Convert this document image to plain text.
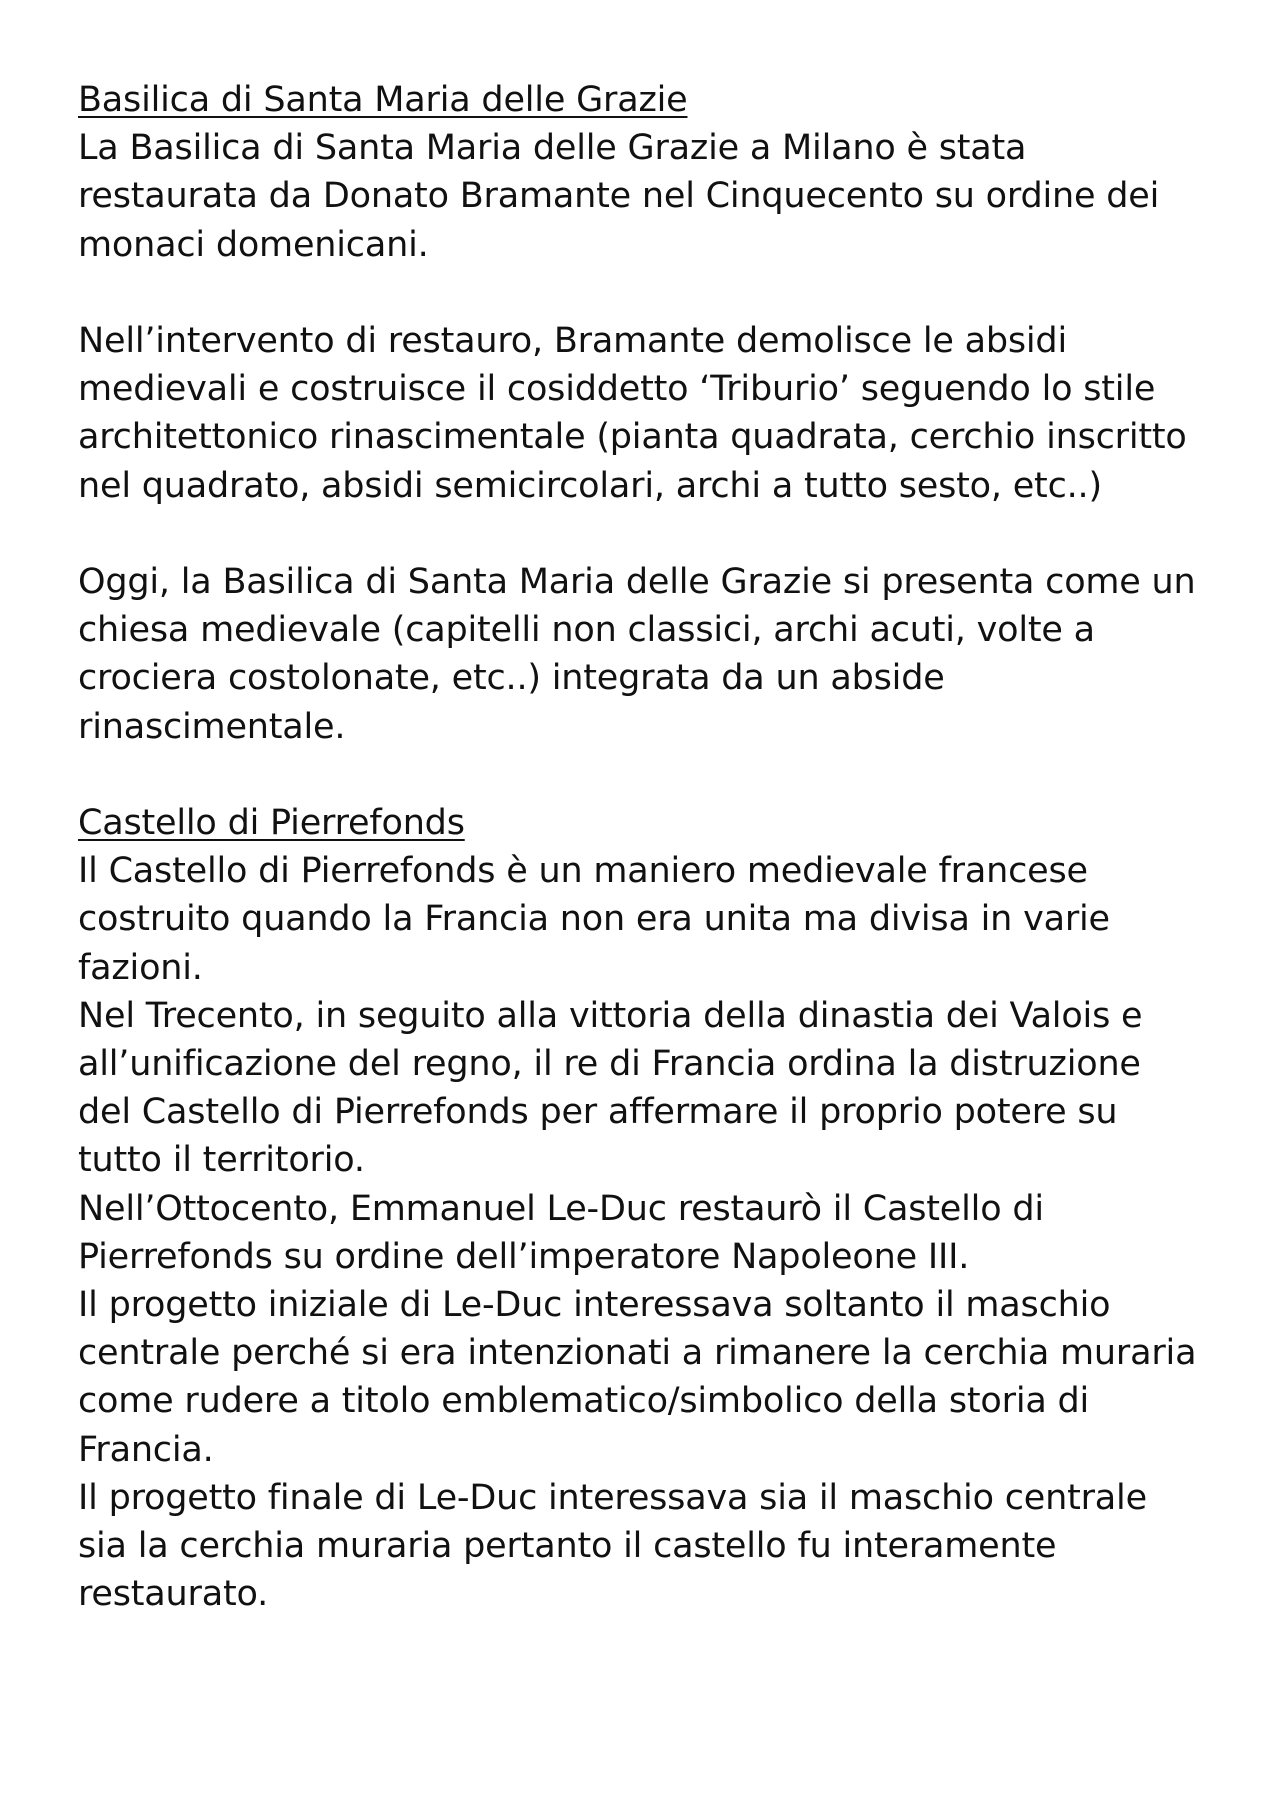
Basilica di Santa Maria delle Grazie

La Basilica di Santa Maria delle Grazie a Milano è stata
restaurata da Donato Bramante nel Cinquecento su ordine dei
monaci domenicani.

Nell’intervento di restauro, Bramante demolisce le absidi
medievali e costruisce il cosiddetto ‘Triburio’ seguendo lo stile
architettonico rinascimentale (pianta quadrata, cerchio inscritto
nel quadrato, absidi semicircolari, archi a tutto sesto, etc..)

Oggi, la Basilica di Santa Maria delle Grazie si presenta come un
chiesa medievale (capitelli non classici, archi acuti, volte a
crociera costolonate, etc..) integrata da un abside
rinascimentale.

Castello di Pierrefonds

Il Castello di Pierrefonds è un maniero medievale francese
costruito quando la Francia non era unita ma divisa in varie
fazioni.

Nel Trecento, in seguito alla vittoria della dinastia dei Valois e
all’unificazione del regno, il re di Francia ordina la distruzione
del Castello di Pierrefonds per affermare il proprio potere su
tutto il territorio.

Nell’Ottocento, Emmanuel Le-Duc restaurò il Castello di
Pierrefonds su ordine dell’imperatore Napoleone III.

Il progetto iniziale di Le-Duc interessava soltanto il maschio
centrale perché si era intenzionati a rimanere la cerchia muraria
come rudere a titolo emblematico/simbolico della storia di
Francia.

Il progetto finale di Le-Duc interessava sia il maschio centrale
sia la cerchia muraria pertanto il castello fu interamente
restaurato.
